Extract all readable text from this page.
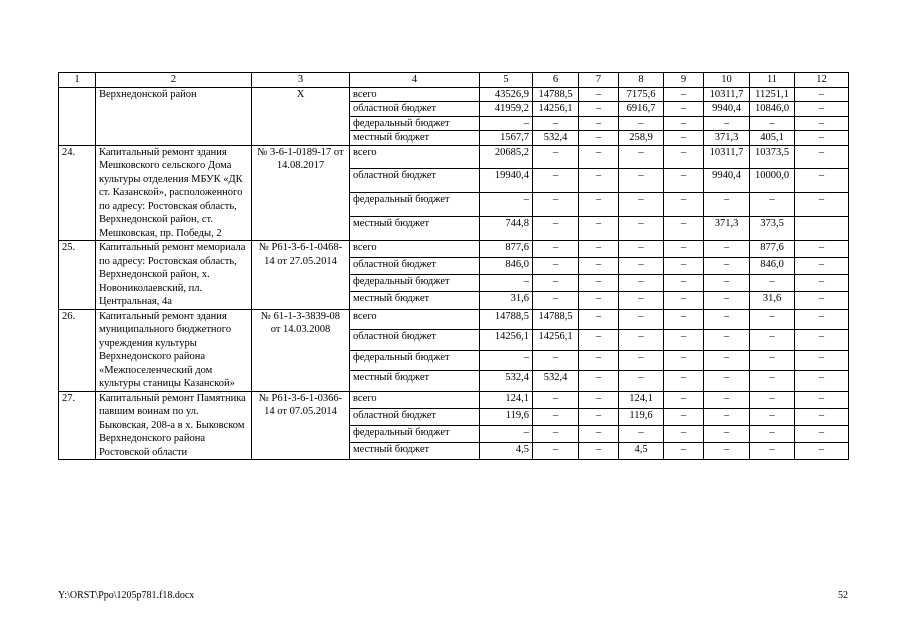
1	2	3	4	5	6	7	8	9	10	11	12
	Верхнедонской район	Х	всего	43526,9	14788,5	–	7175,6	–	10311,7	11251,1	–
			областной бюджет	41959,2	14256,1	–	6916,7	–	9940,4	10846,0	–
			федеральный бюджет	–	–	–	–	–	–	–	–
			местный бюджет	1567,7	532,4	–	258,9	–	371,3	405,1	–
24.	Капитальный ремонт здания Мешковского сельского Дома культуры отделения МБУК «ДК ст. Казанской», расположенного по адресу: Ростовская область, Верхнедонской район, ст. Мешковская, пр. Победы, 2	№ 3-6-1-0189-17 от 14.08.2017	всего	20685,2	–	–	–	–	10311,7	10373,5	–
			областной бюджет	19940,4	–	–	–	–	9940,4	10000,0	–
			федеральный бюджет	–	–	–	–	–	–	–	–
			местный бюджет	744,8	–	–	–	–	371,3	373,5	
25.	Капитальный ремонт мемориала по адресу: Ростовская область, Верхнедонской район, х. Новониколаевский, пл. Центральная, 4а	№ Р61-3-6-1-0468-14 от 27.05.2014	всего	877,6	–	–	–	–	–	877,6	–
			областной бюджет	846,0	–	–	–	–	–	846,0	–
			федеральный бюджет	–	–	–	–	–	–	–	–
			местный бюджет	31,6	–	–	–	–	–	31,6	–
26.	Капитальный ремонт здания муниципального бюджетного учреждения культуры Верхнедонского района «Межпоселенческий дом культуры станицы Казанской»	№ 61-1-3-3839-08 от 14.03.2008	всего	14788,5	14788,5	–	–	–	–	–	–
			областной бюджет	14256,1	14256,1	–	–	–	–	–	–
			федеральный бюджет	–	–	–	–	–	–	–	–
			местный бюджет	532,4	532,4	–	–	–	–	–	–
27.	Капитальный ремонт Памятника павшим воинам по ул. Быковская, 208-а в х. Быковском Верхнедонского района Ростовской области	№ Р61-3-6-1-0366-14 от 07.05.2014	всего	124,1	–	–	124,1	–	–	–	–
			областной бюджет	119,6	–	–	119,6	–	–	–	–
			федеральный бюджет	–	–	–	–	–	–	–	–
			местный бюджет	4,5	–	–	4,5	–	–	–	–
Y:\ORST\Ppo\1205p781.f18.docx	52
